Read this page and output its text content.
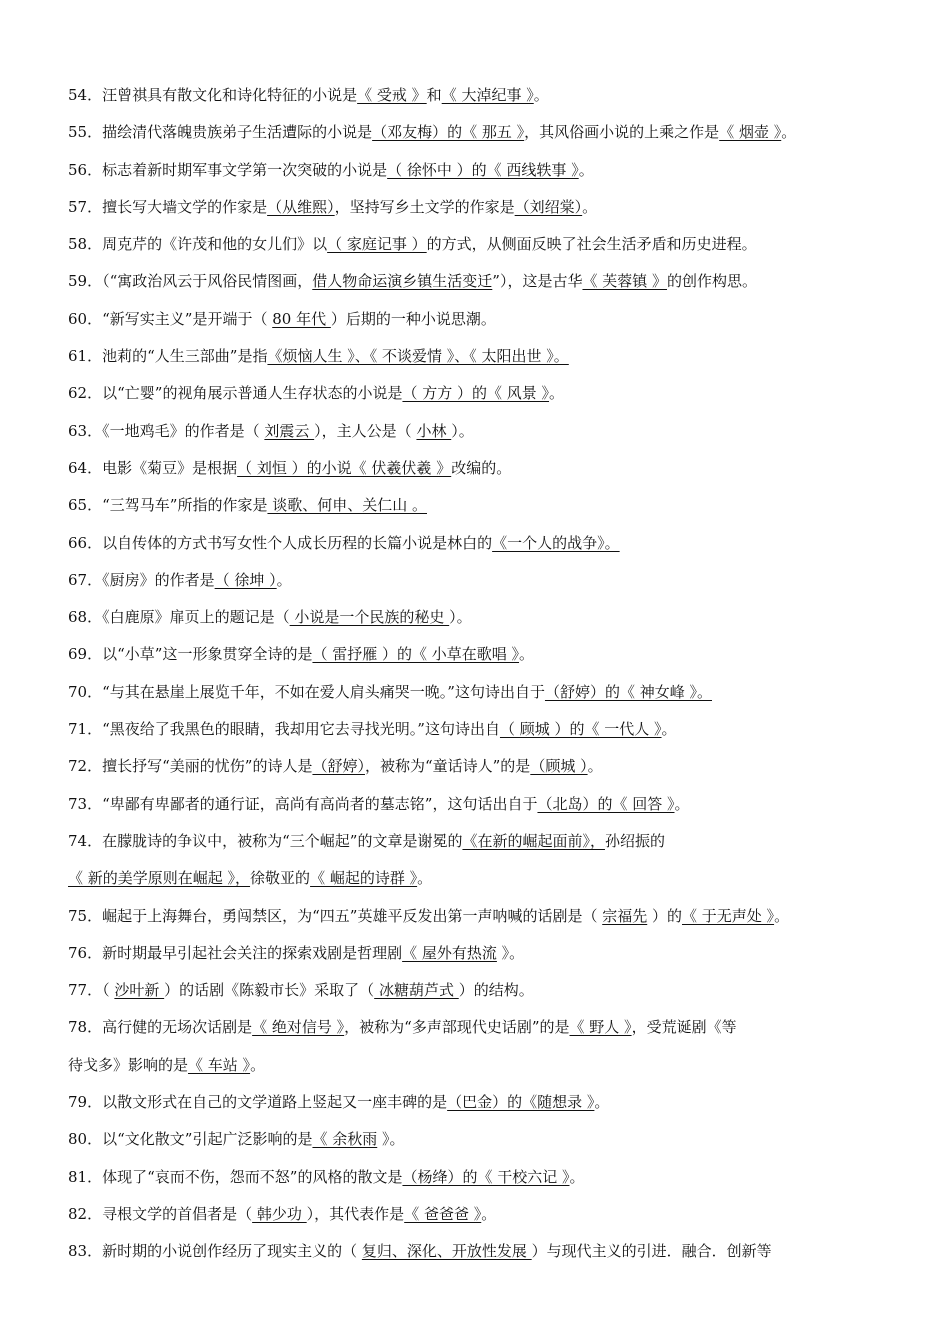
54．汪曾祺具有散文化和诗化特征的小说是《 受戒 》和《 大淖纪事 》。
55．描绘清代落魄贵族弟子生活遭际的小说是（邓友梅）的《 那五 》，其风俗画小说的上乘之作是《 烟壶 》。
56．标志着新时期军事文学第一次突破的小说是（ 徐怀中 ）的《 西线轶事 》。
57．擅长写大墙文学的作家是（从维熙），坚持写乡土文学的作家是（刘绍棠）。
58．周克芹的《许茂和他的女儿们》以（ 家庭记事 ）的方式，从侧面反映了社会生活矛盾和历史进程。
59．（“寓政治风云于风俗民情图画，借人物命运演乡镇生活变迁”），这是古华《 芙蓉镇 》的创作构思。
60．“新写实主义”是开端于（ 80 年代 ）后期的一种小说思潮。
61．池莉的“人生三部曲”是指《烦恼人生 》、《 不谈爱情 》、《 太阳出世 》。
62．以“亡婴”的视角展示普通人生存状态的小说是（ 方方 ）的《 风景 》。
63．《一地鸡毛》的作者是（ 刘震云 ），主人公是（ 小林 ）。
64．电影《菊豆》是根据（ 刘恒 ）的小说《 伏羲伏羲 》改编的。
65．“三驾马车”所指的作家是 谈歌、何申、关仁山 。
66．以自传体的方式书写女性个人成长历程的长篇小说是林白的《一个人的战争》。
67．《厨房》的作者是（ 徐坤 ）。
68．《白鹿原》扉页上的题记是（ 小说是一个民族的秘史 ）。
69．以“小草”这一形象贯穿全诗的是（ 雷抒雁 ）的《 小草在歌唱 》。
70．“与其在悬崖上展览千年，不如在爱人肩头痛哭一晚。”这句诗出自于（舒婷）的《 神女峰 》。
71．“黑夜给了我黑色的眼睛，我却用它去寻找光明。”这句诗出自（ 顾城 ）的《 一代人 》。
72．擅长抒写“美丽的忧伤”的诗人是（舒婷），被称为“童话诗人”的是（顾城 ）。
73．“卑鄙有卑鄙者的通行证，高尚有高尚者的墓志铭”，这句话出自于（北岛）的《 回答 》。
74．在朦胧诗的争议中，被称为“三个崛起”的文章是谢冕的《在新的崛起面前》，孙绍振的
《 新的美学原则在崛起 》，徐敬亚的《 崛起的诗群 》。
75．崛起于上海舞台，勇闯禁区，为“四五”英雄平反发出第一声呐喊的话剧是（ 宗福先 ）的《 于无声处 》。
76．新时期最早引起社会关注的探索戏剧是哲理剧《 屋外有热流 》。
77．（ 沙叶新 ）的话剧《陈毅市长》采取了（ 冰糖葫芦式 ）的结构。
78．高行健的无场次话剧是《 绝对信号 》，被称为“多声部现代史话剧”的是《 野人 》，受荒诞剧《等
待戈多》影响的是《 车站 》。
79．以散文形式在自己的文学道路上竖起又一座丰碑的是（巴金）的《随想录 》。
80．以“文化散文”引起广泛影响的是《 余秋雨 》。
81．体现了“哀而不伤，怨而不怒”的风格的散文是（杨绛）的《 干校六记 》。
82．寻根文学的首倡者是（ 韩少功 ），其代表作是《 爸爸爸 》。
83．新时期的小说创作经历了现实主义的（ 复归、深化、开放性发展 ）与现代主义的引进．融合．创新等
